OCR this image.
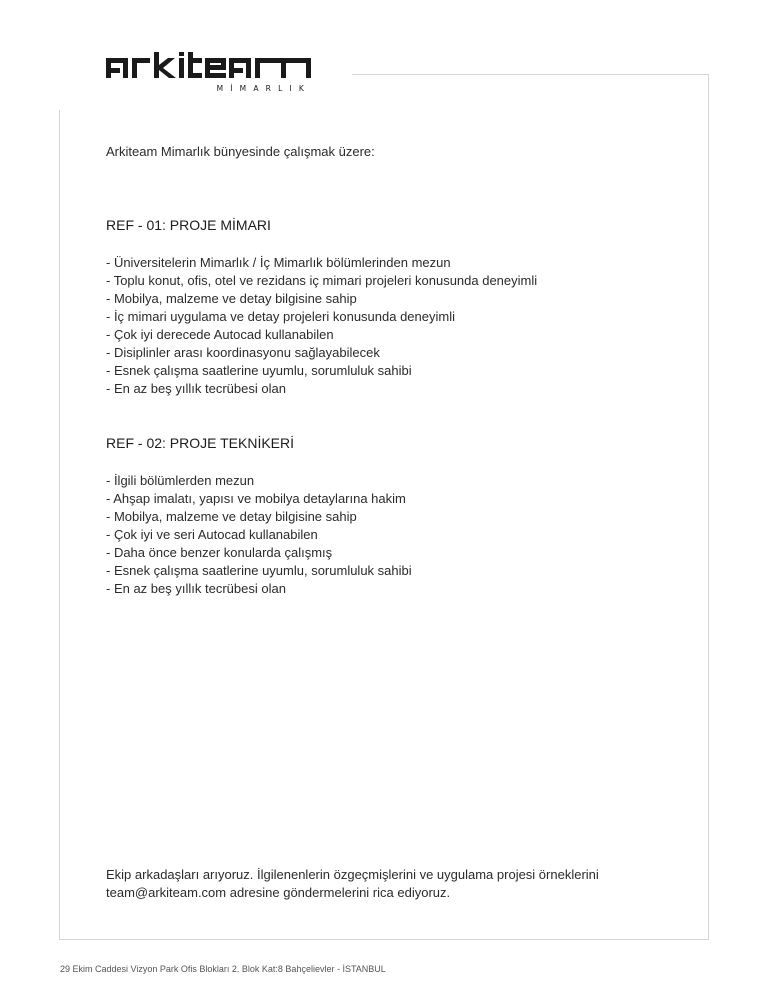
MİMARLIK

Arkiteam Mimarlık bünyesinde çalışmak üzere:

REF - 01: PROJE MİMARI
- Üniversitelerin Mimarlık / İç Mimarlık bölümlerinden mezun
- Toplu konut, ofis, otel ve rezidans iç mimari projeleri konusunda deneyimli
- Mobilya, malzeme ve detay bilgisine sahip
- İç mimari uygulama ve detay projeleri konusunda deneyimli
- Çok iyi derecede Autocad kullanabilen
- Disiplinler arası koordinasyonu sağlayabilecek
- Esnek çalışma saatlerine uyumlu, sorumluluk sahibi
- En az beş yıllık tecrübesi olan
REF - 02: PROJE TEKNİKERİ
- İlgili bölümlerden mezun
- Ahşap imalatı, yapısı ve mobilya detaylarına hakim
- Mobilya, malzeme ve detay bilgisine sahip
- Çok iyi ve seri Autocad kullanabilen
- Daha önce benzer konularda çalışmış
- Esnek çalışma saatlerine uyumlu, sorumluluk sahibi
- En az beş yıllık tecrübesi olan

Ekip arkadaşları arıyoruz. İlgilenenlerin özgeçmişlerini ve uygulama projesi örneklerini
team@arkiteam.com adresine göndermelerini rica ediyoruz.

29 Ekim Caddesi Vizyon Park Ofis Blokları 2. Blok Kat:8 Bahçelievler - İSTANBUL
